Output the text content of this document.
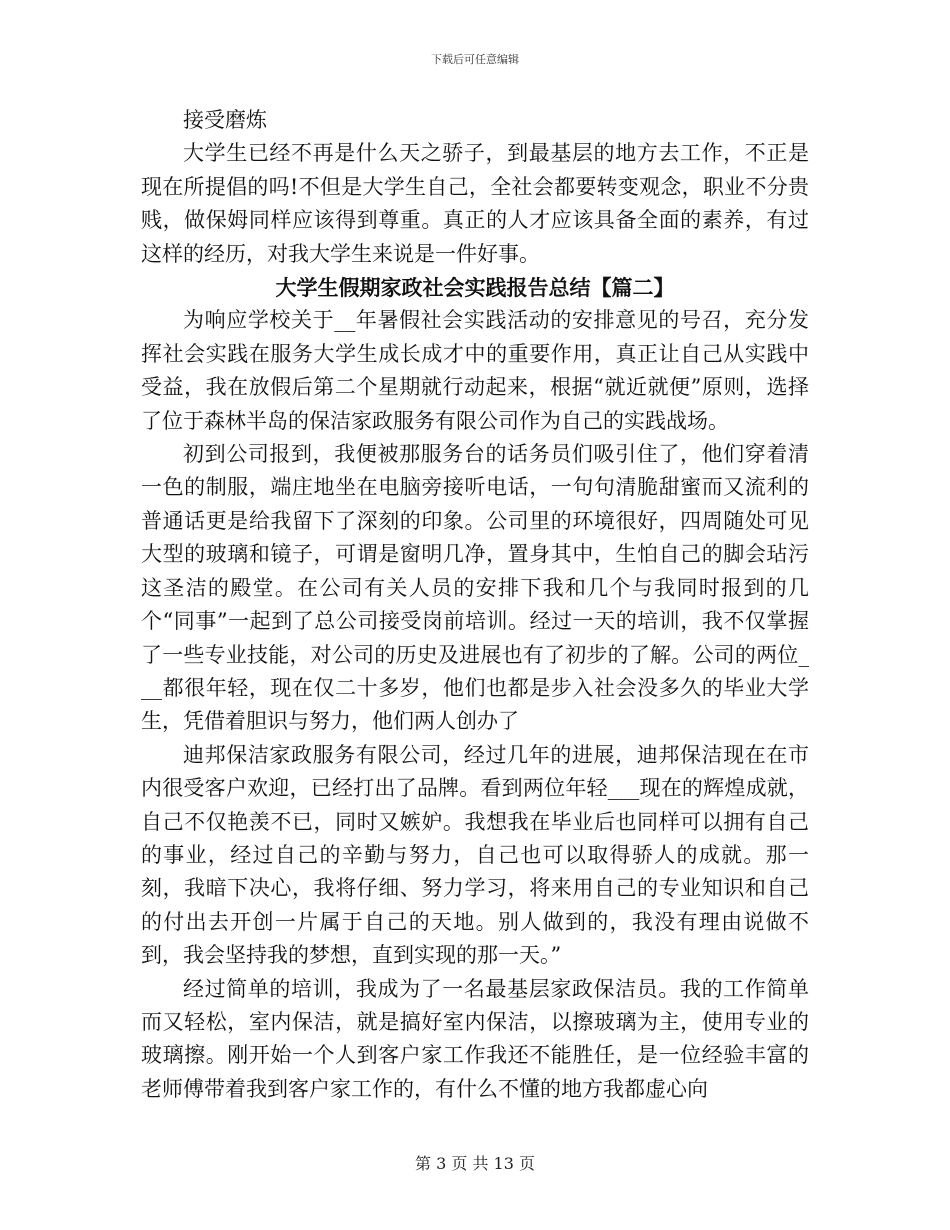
下载后可任意编辑

接受磨炼

大学生已经不再是什么天之骄子，到最基层的地方去工作，不正是现在所提倡的吗!不但是大学生自己，全社会都要转变观念，职业不分贵贱，做保姆同样应该得到尊重。真正的人才应该具备全面的素养，有过这样的经历，对我大学生来说是一件好事。

大学生假期家政社会实践报告总结【篇二】

为响应学校关于__年暑假社会实践活动的安排意见的号召，充分发挥社会实践在服务大学生成长成才中的重要作用，真正让自己从实践中受益，我在放假后第二个星期就行动起来，根据“就近就便”原则，选择了位于森林半岛的保洁家政服务有限公司作为自己的实践战场。

初到公司报到，我便被那服务台的话务员们吸引住了，他们穿着清一色的制服，端庄地坐在电脑旁接听电话，一句句清脆甜蜜而又流利的普通话更是给我留下了深刻的印象。公司里的环境很好，四周随处可见大型的玻璃和镜子，可谓是窗明几净，置身其中，生怕自己的脚会玷污这圣洁的殿堂。在公司有关人员的安排下我和几个与我同时报到的几个“同事”一起到了总公司接受岗前培训。经过一天的培训，我不仅掌握了一些专业技能，对公司的历史及进展也有了初步的了解。公司的两位___都很年轻，现在仅二十多岁，他们也都是步入社会没多久的毕业大学生，凭借着胆识与努力，他们两人创办了

迪邦保洁家政服务有限公司，经过几年的进展，迪邦保洁现在在市内很受客户欢迎，已经打出了品牌。看到两位年轻___现在的辉煌成就，自己不仅艳羡不已，同时又嫉妒。我想我在毕业后也同样可以拥有自己的事业，经过自己的辛勤与努力，自己也可以取得骄人的成就。那一刻，我暗下决心，我将仔细、努力学习，将来用自己的专业知识和自己的付出去开创一片属于自己的天地。别人做到的，我没有理由说做不到，我会坚持我的梦想，直到实现的那一天。”

经过简单的培训，我成为了一名最基层家政保洁员。我的工作简单而又轻松，室内保洁，就是搞好室内保洁，以擦玻璃为主，使用专业的玻璃擦。刚开始一个人到客户家工作我还不能胜任，是一位经验丰富的老师傅带着我到客户家工作的，有什么不懂的地方我都虚心向

第 3 页 共 13 页
